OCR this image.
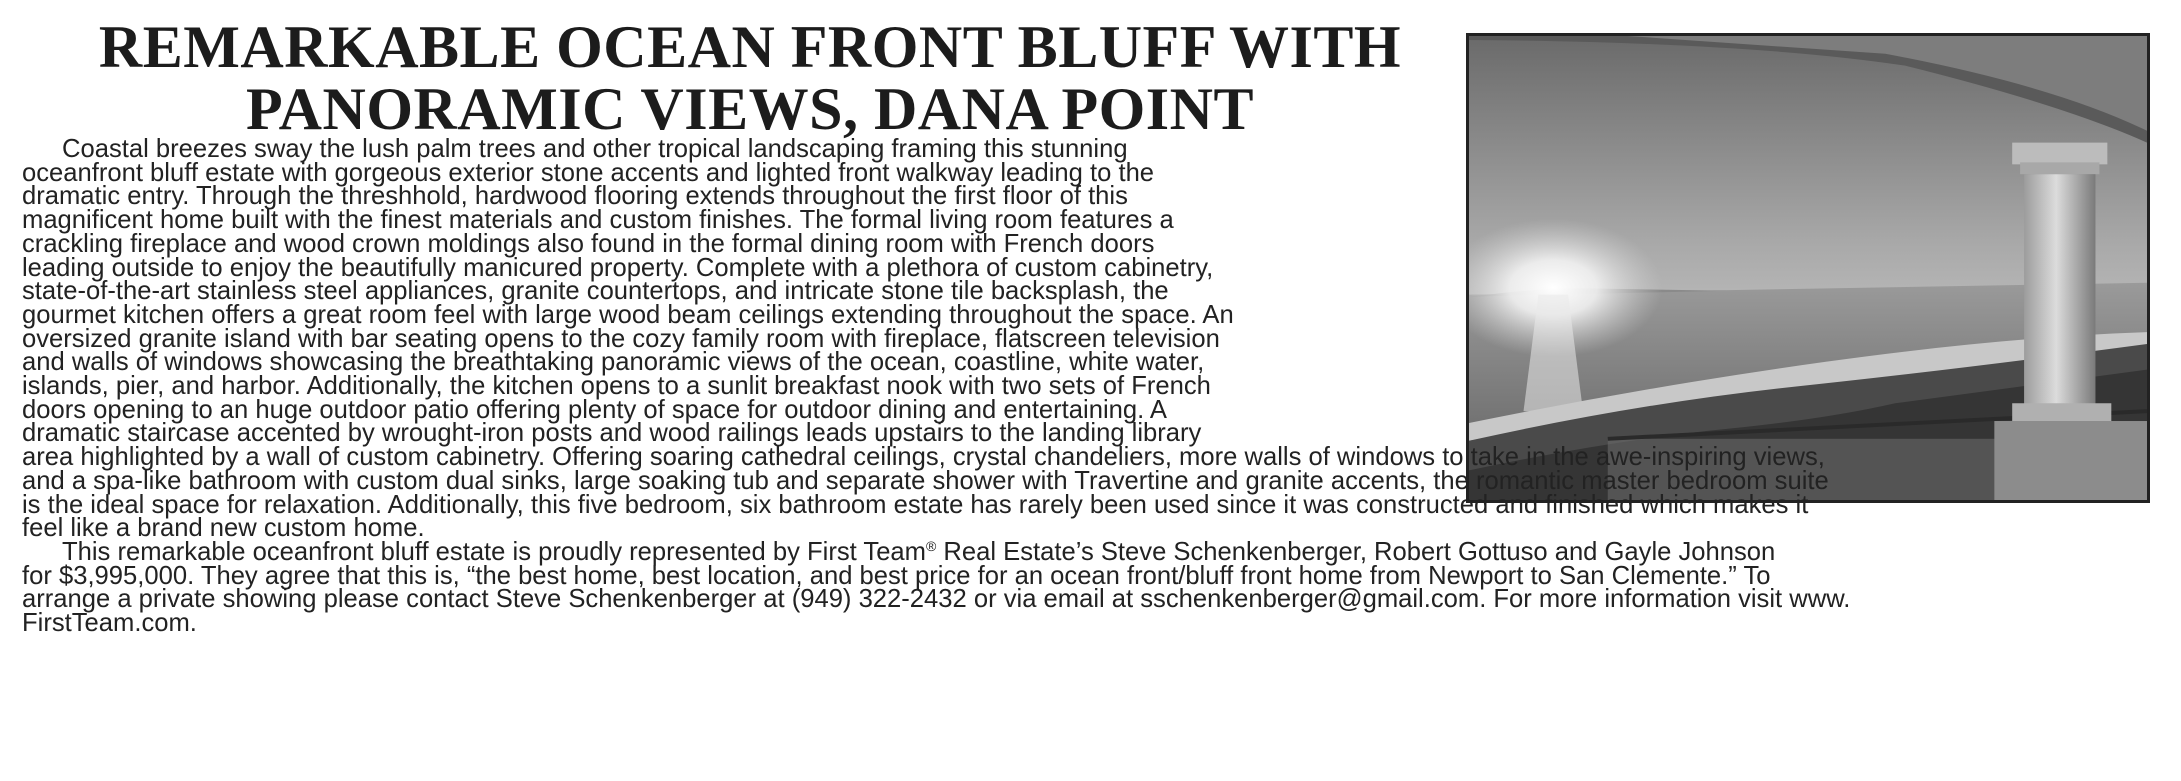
REMARKABLE OCEAN FRONT BLUFF WITH
PANORAMIC VIEWS, DANA POINT

Coastal breezes sway the lush palm trees and other tropical landscaping framing this stunning
oceanfront bluff estate with gorgeous exterior stone accents and lighted front walkway leading to the
dramatic entry. Through the threshhold, hardwood flooring extends throughout the first floor of this
magnificent home built with the finest materials and custom finishes. The formal living room features a
crackling fireplace and wood crown moldings also found in the formal dining room with French doors
leading outside to enjoy the beautifully manicured property. Complete with a plethora of custom cabinetry,
state-of-the-art stainless steel appliances, granite countertops, and intricate stone tile backsplash, the
gourmet kitchen offers a great room feel with large wood beam ceilings extending throughout the space. An
oversized granite island with bar seating opens to the cozy family room with fireplace, flatscreen television
and walls of windows showcasing the breathtaking panoramic views of the ocean, coastline, white water,
islands, pier, and harbor. Additionally, the kitchen opens to a sunlit breakfast nook with two sets of French
doors opening to an huge outdoor patio offering plenty of space for outdoor dining and entertaining. A
dramatic staircase accented by wrought-iron posts and wood railings leads upstairs to the landing library
area highlighted by a wall of custom cabinetry. Offering soaring cathedral ceilings, crystal chandeliers, more walls of windows to take in the awe-inspiring views,
and a spa-like bathroom with custom dual sinks, large soaking tub and separate shower with Travertine and granite accents, the romantic master bedroom suite
is the ideal space for relaxation. Additionally, this five bedroom, six bathroom estate has rarely been used since it was constructed and finished which makes it
feel like a brand new custom home.

This remarkable oceanfront bluff estate is proudly represented by First Team® Real Estate’s Steve Schenkenberger, Robert Gottuso and Gayle Johnson
for $3,995,000. They agree that this is, “the best home, best location, and best price for an ocean front/bluff front home from Newport to San Clemente.” To
arrange a private showing please contact Steve Schenkenberger at (949) 322-2432 or via email at sschenkenberger@gmail.com. For more information visit www.
FirstTeam.com.
